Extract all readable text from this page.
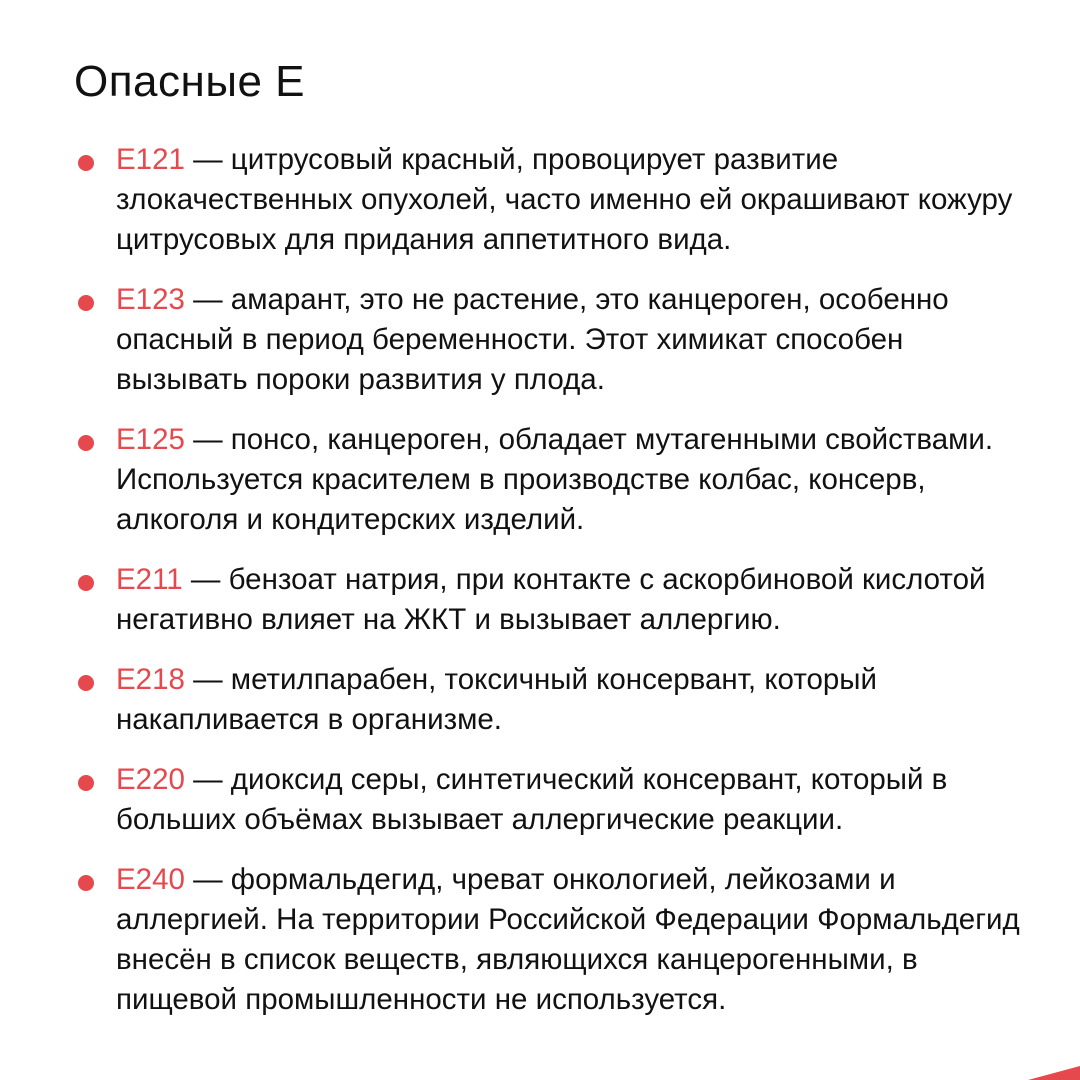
Опасные Е
Е121 — цитрусовый красный, провоцирует развитие злокачественных опухолей, часто именно ей окрашивают кожуру цитрусовых для придания аппетитного вида.
Е123 — амарант, это не растение, это канцероген, особенно опасный в период беременности. Этот химикат способен вызывать пороки развития у плода.
Е125 — понсо, канцероген, обладает мутагенными свойствами. Используется красителем в производстве колбас, консерв, алкоголя и кондитерских изделий.
Е211 — бензоат натрия, при контакте с аскорбиновой кислотой негативно влияет на ЖКТ и вызывает аллергию.
Е218 — метилпарабен, токсичный консервант, который накапливается в организме.
Е220 — диоксид серы, синтетический консервант, который в больших объёмах вызывает аллергические реакции.
Е240 — формальдегид, чреват онкологией, лейкозами и аллергией. На территории Российской Федерации Формальдегид внесён в список веществ, являющихся канцерогенными, в пищевой промышленности не используется.
